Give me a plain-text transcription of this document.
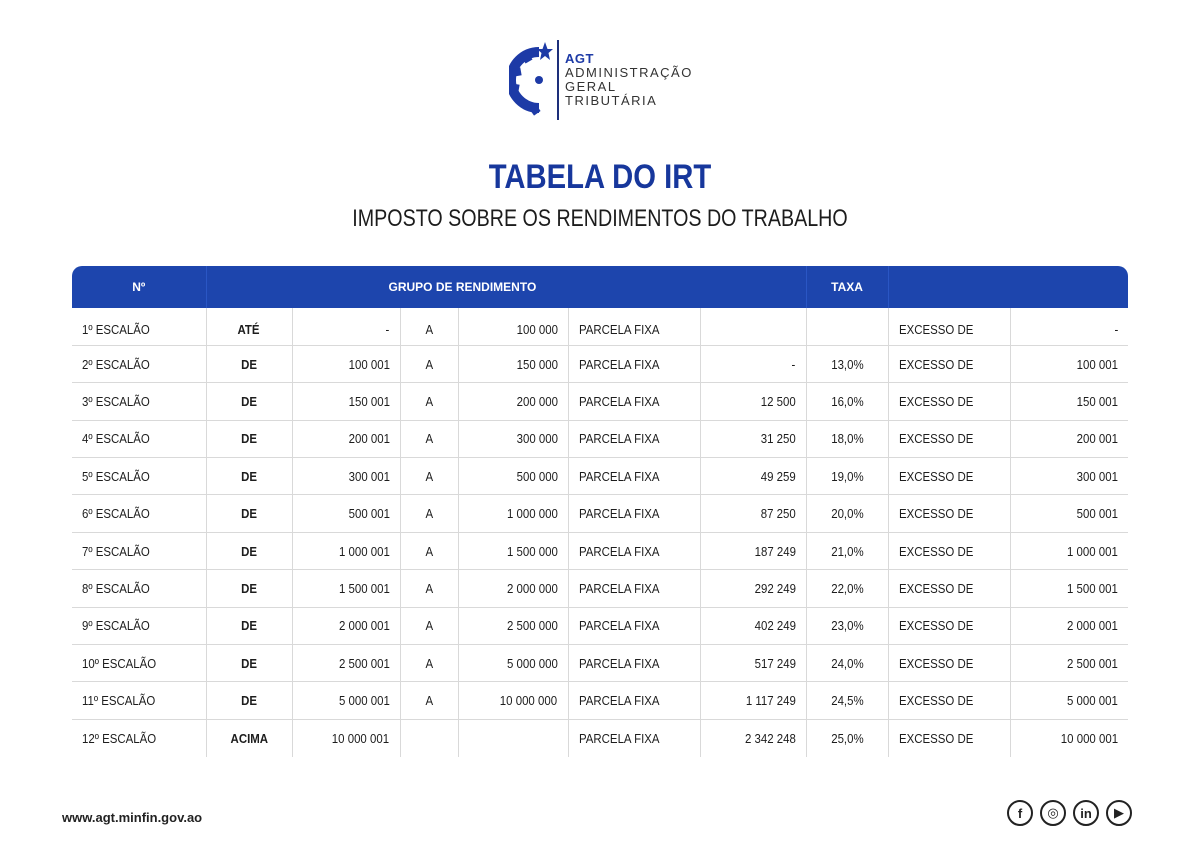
AGT
ADMINISTRAÇÃO
GERAL
TRIBUTÁRIA
TABELA DO IRT
IMPOSTO SOBRE OS RENDIMENTOS DO TRABALHO
Nº	GRUPO DE RENDIMENTO						TAXA		
1º ESCALÃO	ATÉ	-	A	100 000	PARCELA FIXA			EXCESSO DE	-
2º ESCALÃO	DE	100 001	A	150 000	PARCELA FIXA	-	13,0%	EXCESSO DE	100 001
3º ESCALÃO	DE	150 001	A	200 000	PARCELA FIXA	12 500	16,0%	EXCESSO DE	150 001
4º ESCALÃO	DE	200 001	A	300 000	PARCELA FIXA	31 250	18,0%	EXCESSO DE	200 001
5º ESCALÃO	DE	300 001	A	500 000	PARCELA FIXA	49 259	19,0%	EXCESSO DE	300 001
6º ESCALÃO	DE	500 001	A	1 000 000	PARCELA FIXA	87 250	20,0%	EXCESSO DE	500 001
7º ESCALÃO	DE	1 000 001	A	1 500 000	PARCELA FIXA	187 249	21,0%	EXCESSO DE	1 000 001
8º ESCALÃO	DE	1 500 001	A	2 000 000	PARCELA FIXA	292 249	22,0%	EXCESSO DE	1 500 001
9º ESCALÃO	DE	2 000 001	A	2 500 000	PARCELA FIXA	402 249	23,0%	EXCESSO DE	2 000 001
10º ESCALÃO	DE	2 500 001	A	5 000 000	PARCELA FIXA	517 249	24,0%	EXCESSO DE	2 500 001
11º ESCALÃO	DE	5 000 001	A	10 000 000	PARCELA FIXA	1 117 249	24,5%	EXCESSO DE	5 000 001
12º ESCALÃO	ACIMA	10 000 001			PARCELA FIXA	2 342 248	25,0%	EXCESSO DE	10 000 001
www.agt.minfin.gov.ao	f	◎	in	▶
